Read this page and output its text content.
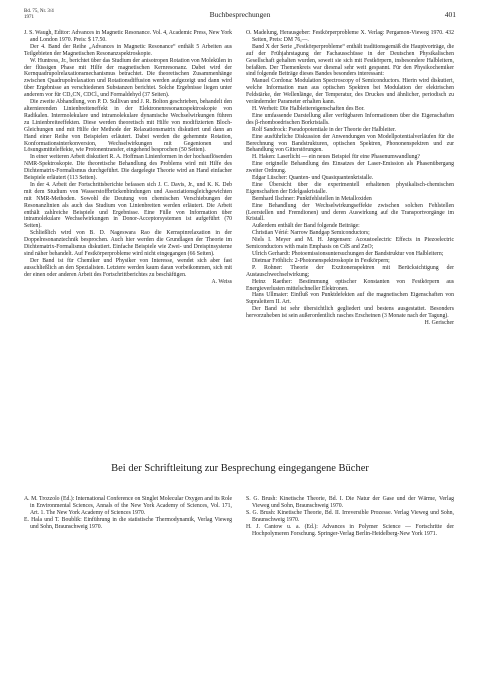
Bd. 75, Nr. 3/4
1971	Buchbesprechungen	401

J. S. Waugh, Editor: Advances in Magnetic Resonance. Vol. 4, Academic Press, New York and London 1970. Preis: $ 17.50.

Der 4. Band der Reihe „Advances in Magnetic Resonance“ enthält 5 Arbeiten aus Teilgebieten der Magnetischen Resonanzspektroskopie.

W. Huntress, Jr., berichtet über das Studium der anisotropen Rotation von Molekülen in der flüssigen Phase mit Hilfe der magnetischen Kernresonanz. Dabei wird der Kernquadrupolrelaxationsmechanismus betrachtet. Die theoretischen Zusammenhänge zwischen Quadrupolrelaxation und Rotationsdiffusion werden aufgezeigt und dann wird über Ergebnisse an verschiedenen Substanzen berichtet. Solche Ergebnisse liegen unter anderem vor für CD₃CN, CDCl₃ und Formaldehyd (37 Seiten).

Die zweite Abhandlung, von P. D. Sullivan und J. R. Bolton geschrieben, behandelt den alternierenden Linienbreiteneffekt in der Elektronenresonanzspektroskopie von Radikalen. Intermolekulare und intramolekulare dynamische Wechselwirkungen führen zu Linienbreiteeffekten. Diese werden theoretisch mit Hilfe von modifizierten Bloch-Gleichungen und mit Hilfe der Methode der Relaxationsmatrix diskutiert und dann an Hand einer Reihe von Beispielen erläutert. Dabei werden die gehemmte Rotation, Konformationsinterkonversion, Wechselwirkungen mit Gegenionen und Lösungsmitteleffekte, wie Protonentransfer, eingehend besprochen (50 Seiten).

In einer weiteren Arbeit diskutiert R. A. Hoffman Linienformen in der hochauflösenden NMR-Spektroskopie. Die theoretische Behandlung des Problems wird mit Hilfe des Dichtematrix-Formalismus durchgeführt. Die dargelegte Theorie wird an Hand einfacher Beispiele erläutert (113 Seiten).

In der 4. Arbeit der Fortschrittsberichte befassen sich J. C. Davis, Jr., und K. K. Deb mit dem Studium von Wasserstoffbrückenbindungen und Assoziationsgleichgewichten mit NMR-Methoden. Sowohl die Deutung von chemischen Verschiebungen der Resonanzlinien als auch das Studium von Linienbreiten werden erläutert. Die Arbeit enthält zahlreiche Beispiele und Ergebnisse. Eine Fülle von Information über intramolekulare Wechselwirkungen in Donor-Acceptorsystemen ist aufgeführt (70 Seiten).

Schließlich wird von B. D. Nageswara Rao die Kernspinrelaxation in der Doppelresonanztechnik besprochen. Auch hier werden die Grundlagen der Theorie im Dichtematrix-Formalismus diskutiert. Einfache Beispiele wie Zwei- und Dreispinsysteme sind näher behandelt. Auf Festkörperprobleme wird nicht eingegangen (66 Seiten).

Der Band ist für Chemiker und Physiker von Interesse, wendet sich aber fast ausschließlich an den Spezialisten. Letztere werden kaum daran vorbeikommen, sich mit der einen oder anderen Arbeit des Fortschrittberichtes zu beschäftigen.

A. Weiss

O. Madelung, Herausgeber: Festkörperprobleme X. Verlag: Pergamon-Vieweg 1970. 432 Seiten, Preis: DM 76,—.

Band X der Serie „Festkörperprobleme“ enthält traditionsgemäß die Hauptvorträge, die auf der Frühjahrstagung der Fachausschüsse in der Deutschen Physikalischen Gesellschaft gehalten wurden, soweit sie sich mit Festkörpern, insbesondere Halbleitern, befaßten. Der Themenkreis war diesmal sehr weit gespannt. Für den Physikochemiker sind folgende Beiträge dieses Bandes besonders interessant:

Manuel Cordona: Modulation Spectroscopy of Semiconductors. Hierin wird diskutiert, welche Information man aus optischen Spektren bei Modulation der elektrischen Feldstärke, der Wellenlänge, der Temperatur, des Druckes und ähnlicher, periodisch zu verändernder Parameter erhalten kann.

H. Werheit: Die Halbleitereigenschaften des Bor.

Eine umfassende Darstellung aller verfügbaren Informationen über die Eigenschaften des β-rhomboedrischen Borkristalls.

Rolf Sandrock: Pseudopotentiale in der Theorie der Halbleiter.

Eine ausführliche Diskussion der Anwendungen von Modellpotentialverläufen für die Berechnung von Bandstrukturen, optischen Spektren, Phononenspektren und zur Behandlung von Gitterstörungen.

H. Haken: Laserlicht — ein neues Beispiel für eine Phasenumwandlung?

Eine originelle Behandlung des Einsatzes der Laser-Emission als Phasenübergang zweiter Ordnung.

Edgar Lüscher: Quanten- und Quasiquantenkristalle.

Eine Übersicht über die experimentell erhaltenen physikalisch-chemischen Eigenschaften der Edelgaskristalle.

Bernhard Ilschner: Punktfehlstellen in Metalloxiden

Eine Behandlung der Wechselwirkungseffekte zwischen solchen Fehlstellen (Leerstellen und Fremdionen) und deren Auswirkung auf die Transportvorgänge im Kristall.

Außerdem enthält der Band folgende Beiträge:

Christian Vérié: Narrow Bandgap Semiconductors;

Niels I. Meyer and M. H. Jørgensen: Acoustoelectric Effects in Piezoelectric Semiconductors with main Emphasis on CdS and ZnO;

Ulrich Gerhardt: Photoemissionsuntersuchungen der Bandstruktur von Halbleitern;

Dietmar Fröhlich: 2-Photonenspektroskopie in Festkörpern;

P. Rohner: Theorie der Exzitonenspektren mit Berücksichtigung der Austauschwechselwirkung;

Heinz Raether: Bestimmung optischer Konstanten von Festkörpern aus Energieverlusten mittelschneller Elektronen.

Hans Ullmaier: Einfluß von Punktdefekten auf die magnetischen Eigenschaften von Supraleitern II. Art.

Der Band ist sehr übersichtlich gegliedert und bestens ausgestattet. Besonders hervorzuheben ist sein außerordentlich rasches Erscheinen (3 Monate nach der Tagung).

H. Gerischer

Bei der Schriftleitung zur Besprechung eingegangene Bücher

A. M. Trozzolo (Ed.): International Conference on Singlet Molecular Oxygen and its Role in Environmental Sciences, Annals of the New York Academy of Sciences, Vol. 171, Art. 1. The New York Academy of Sciences 1970.

E. Hala und T. Boublik: Einführung in die statistische Thermodynamik, Verlag Vieweg und Sohn, Braunschweig 1970.

S. G. Brush: Kinetische Theorie, Bd. I. Die Natur der Gase und der Wärme, Verlag Vieweg und Sohn, Braunschweig 1970.

S. G. Brush: Kinetische Theorie, Bd. II. Irreversible Prozesse. Verlag Vieweg und Sohn, Braunschweig 1970.

H. J. Cantow u. a. (Ed.): Advances in Polymer Science — Fortschritte der Hochpolymeren Forschung. Springer-Verlag Berlin-Heidelberg-New York 1971.
